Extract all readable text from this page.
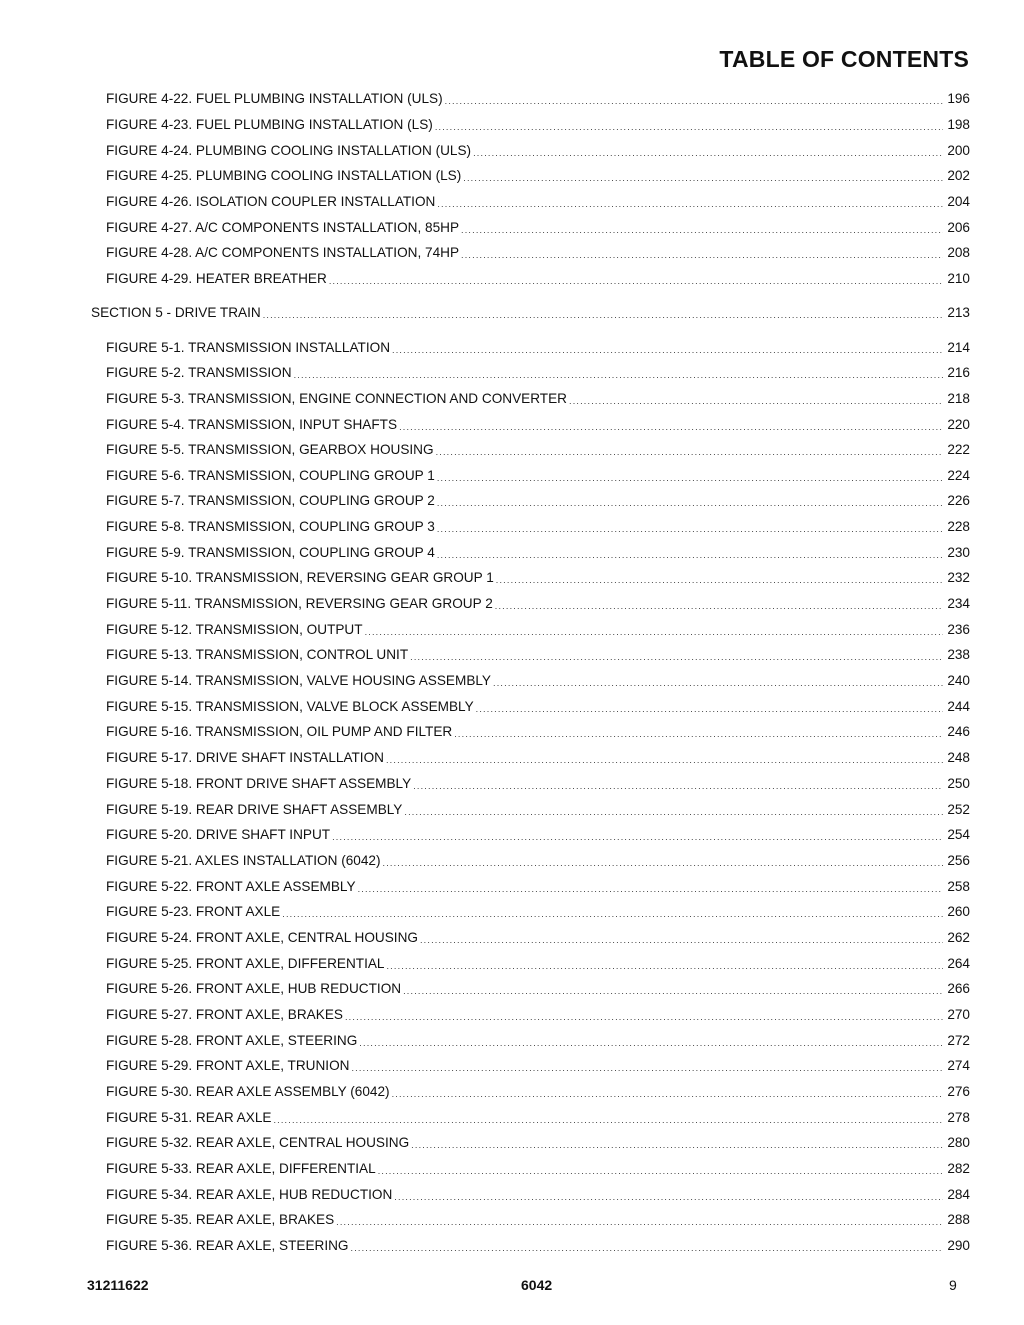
TABLE OF CONTENTS
FIGURE 4-22. FUEL PLUMBING INSTALLATION (ULS) .....	196
FIGURE 4-23. FUEL PLUMBING INSTALLATION (LS) .....	198
FIGURE 4-24. PLUMBING COOLING INSTALLATION (ULS) .....	200
FIGURE 4-25. PLUMBING COOLING INSTALLATION (LS) .....	202
FIGURE 4-26. ISOLATION COUPLER INSTALLATION .....	204
FIGURE 4-27. A/C COMPONENTS INSTALLATION, 85HP .....	206
FIGURE 4-28. A/C COMPONENTS INSTALLATION, 74HP .....	208
FIGURE 4-29. HEATER BREATHER .....	210
SECTION 5 - DRIVE TRAIN .....	213
FIGURE 5-1. TRANSMISSION INSTALLATION .....	214
FIGURE 5-2. TRANSMISSION .....	216
FIGURE 5-3. TRANSMISSION, ENGINE CONNECTION AND CONVERTER .....	218
FIGURE 5-4. TRANSMISSION, INPUT SHAFTS .....	220
FIGURE 5-5. TRANSMISSION, GEARBOX HOUSING .....	222
FIGURE 5-6. TRANSMISSION, COUPLING GROUP 1 .....	224
FIGURE 5-7. TRANSMISSION, COUPLING GROUP 2 .....	226
FIGURE 5-8. TRANSMISSION, COUPLING GROUP 3 .....	228
FIGURE 5-9. TRANSMISSION, COUPLING GROUP 4 .....	230
FIGURE 5-10. TRANSMISSION, REVERSING GEAR GROUP 1 .....	232
FIGURE 5-11. TRANSMISSION, REVERSING GEAR GROUP 2 .....	234
FIGURE 5-12. TRANSMISSION, OUTPUT .....	236
FIGURE 5-13. TRANSMISSION, CONTROL UNIT .....	238
FIGURE 5-14. TRANSMISSION, VALVE HOUSING ASSEMBLY .....	240
FIGURE 5-15. TRANSMISSION, VALVE BLOCK ASSEMBLY .....	244
FIGURE 5-16. TRANSMISSION, OIL PUMP AND FILTER .....	246
FIGURE 5-17. DRIVE SHAFT INSTALLATION .....	248
FIGURE 5-18. FRONT DRIVE SHAFT ASSEMBLY .....	250
FIGURE 5-19. REAR DRIVE SHAFT ASSEMBLY .....	252
FIGURE 5-20. DRIVE SHAFT INPUT .....	254
FIGURE 5-21. AXLES INSTALLATION (6042) .....	256
FIGURE 5-22. FRONT AXLE ASSEMBLY .....	258
FIGURE 5-23. FRONT AXLE .....	260
FIGURE 5-24. FRONT AXLE, CENTRAL HOUSING .....	262
FIGURE 5-25. FRONT AXLE, DIFFERENTIAL .....	264
FIGURE 5-26. FRONT AXLE, HUB REDUCTION .....	266
FIGURE 5-27. FRONT AXLE, BRAKES .....	270
FIGURE 5-28. FRONT AXLE, STEERING .....	272
FIGURE 5-29. FRONT AXLE, TRUNION .....	274
FIGURE 5-30. REAR AXLE ASSEMBLY (6042) .....	276
FIGURE 5-31. REAR AXLE .....	278
FIGURE 5-32. REAR AXLE, CENTRAL HOUSING .....	280
FIGURE 5-33. REAR AXLE, DIFFERENTIAL .....	282
FIGURE 5-34. REAR AXLE, HUB REDUCTION .....	284
FIGURE 5-35. REAR AXLE, BRAKES .....	288
FIGURE 5-36. REAR AXLE, STEERING .....	290
31211622	6042	9
